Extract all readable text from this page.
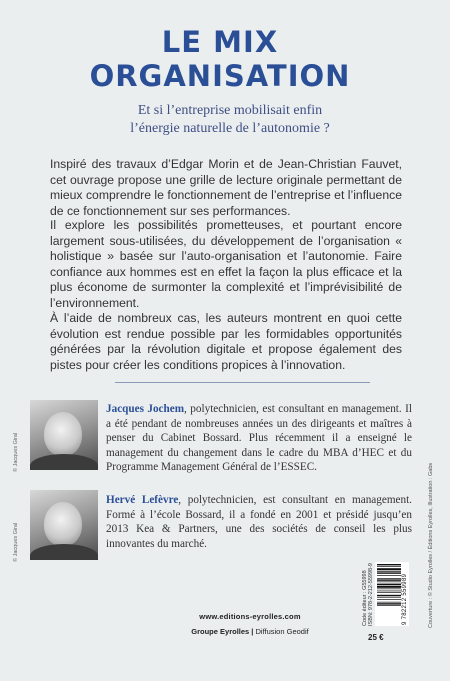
LE MIX
ORGANISATION
Et si l’entreprise mobilisait enfin
l’énergie naturelle de l’autonomie ?
Inspiré des travaux d’Edgar Morin et de Jean-Christian Fauvet, cet ouvrage propose une grille de lecture originale permettant de mieux comprendre le fonctionnement de l’entreprise et l’influence de ce fonctionnement sur ses performances.
Il explore les possibilités prometteuses, et pourtant encore largement sous-utilisées, du développement de l’organisation « holistique » basée sur l’auto-organisation et l’autonomie. Faire confiance aux hommes est en effet la façon la plus efficace et la plus économe de surmonter la complexité et l’imprévisibilité de l’environnement.
À l’aide de nombreux cas, les auteurs montrent en quoi cette évolution est rendue possible par les formidables opportunités générées par la révolution digitale et propose également des pistes pour créer les conditions propices à l’innovation.
© Jacques Giral
Jacques Jochem, polytechnicien, est consultant en management. Il a été pendant de nombreuses années un des dirigeants et maîtres à penser du Cabinet Bossard. Plus récemment il a enseigné le management du changement dans le cadre du MBA d’HEC et du Programme Management Général de l’ESSEC.
© Jacques Giral
Hervé Lefèvre, polytechnicien, est consultant en management. Formé à l’école Bossard, il a fondé en 2001 et présidé jusqu’en 2013 Kea & Partners, une des sociétés de conseil les plus innovantes du marché.
www.editions-eyrolles.com
Groupe Eyrolles | Diffusion Geodif
Code éditeur : G55998 ISBN: 978-2-212-55998-9	9 782212 559989
25 €
Couverture : © Studio Eyrolles / Éditions Eyrolles, Illustration : Gabs
